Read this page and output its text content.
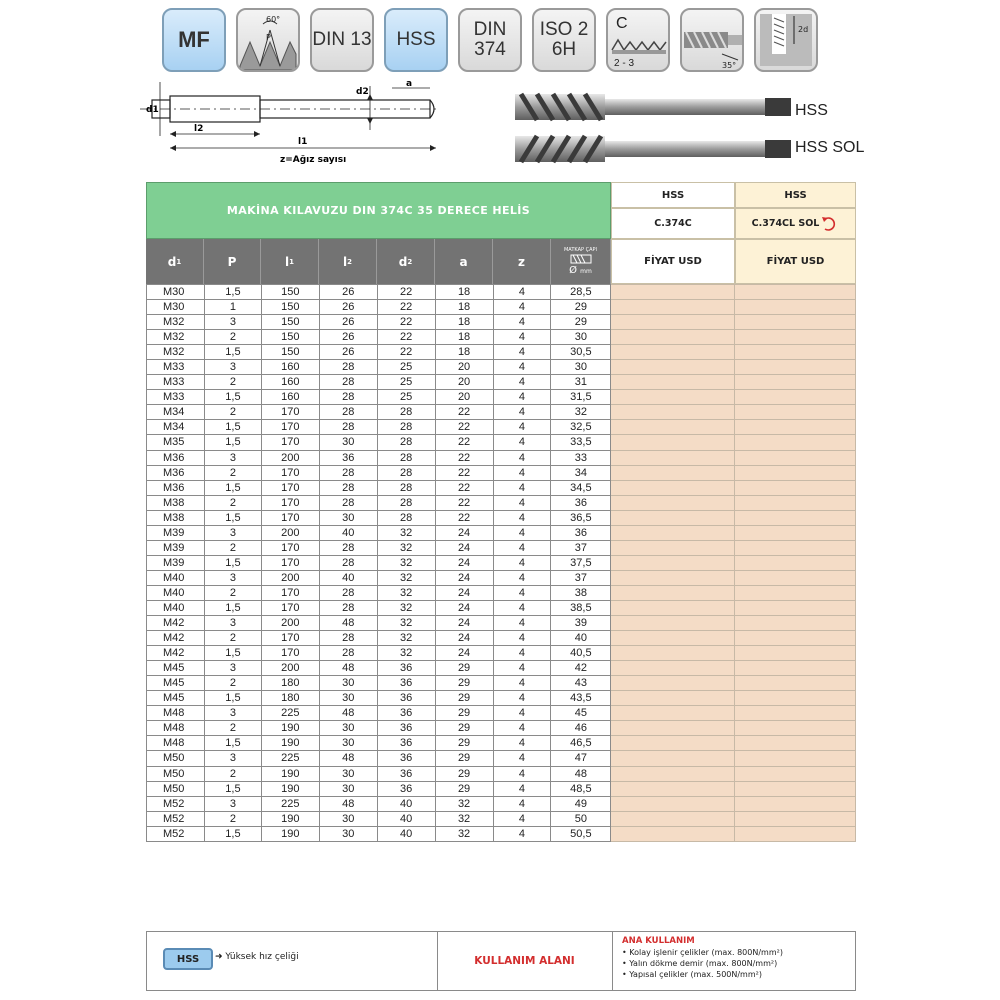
MF
60°
P DIN 13 HSS DIN
374
ISO 2
6H
C
2 - 3	35°
2d
d1
d2
a
l2
l1
z=Ağız sayısı
HSS
HSS SOL
MAKİNA KILAVUZU DIN 374C 35 DERECE HELİS
HSS	HSS
C.374C	C.374CL SOL
d 1	P	l 1	l 2	d 2	a	z
MATKAP ÇAPI
Ø mm
FİYAT USD	FİYAT USD
M30	1,5	150	26	22	18	4	28,5		
M30	1	150	26	22	18	4	29		
M32	3	150	26	22	18	4	29		
M32	2	150	26	22	18	4	30		
M32	1,5	150	26	22	18	4	30,5		
M33	3	160	28	25	20	4	30		
M33	2	160	28	25	20	4	31		
M33	1,5	160	28	25	20	4	31,5		
M34	2	170	28	28	22	4	32		
M34	1,5	170	28	28	22	4	32,5		
M35	1,5	170	30	28	22	4	33,5		
M36	3	200	36	28	22	4	33		
M36	2	170	28	28	22	4	34		
M36	1,5	170	28	28	22	4	34,5		
M38	2	170	28	28	22	4	36		
M38	1,5	170	30	28	22	4	36,5		
M39	3	200	40	32	24	4	36		
M39	2	170	28	32	24	4	37		
M39	1,5	170	28	32	24	4	37,5		
M40	3	200	40	32	24	4	37		
M40	2	170	28	32	24	4	38		
M40	1,5	170	28	32	24	4	38,5		
M42	3	200	48	32	24	4	39		
M42	2	170	28	32	24	4	40		
M42	1,5	170	28	32	24	4	40,5		
M45	3	200	48	36	29	4	42		
M45	2	180	30	36	29	4	43		
M45	1,5	180	30	36	29	4	43,5		
M48	3	225	48	36	29	4	45		
M48	2	190	30	36	29	4	46		
M48	1,5	190	30	36	29	4	46,5		
M50	3	225	48	36	29	4	47		
M50	2	190	30	36	29	4	48		
M50	1,5	190	30	36	29	4	48,5		
M52	3	225	48	40	32	4	49		
M52	2	190	30	40	32	4	50		
M52	1,5	190	30	40	32	4	50,5		
HSS	➜ Yüksek hız çeliği	KULLANIM ALANI
ANA KULLANIM
• Kolay işlenir çelikler (max. 800N/mm²)
• Yalın dökme demir (max. 800N/mm²)
• Yapısal çelikler (max. 500N/mm²)
